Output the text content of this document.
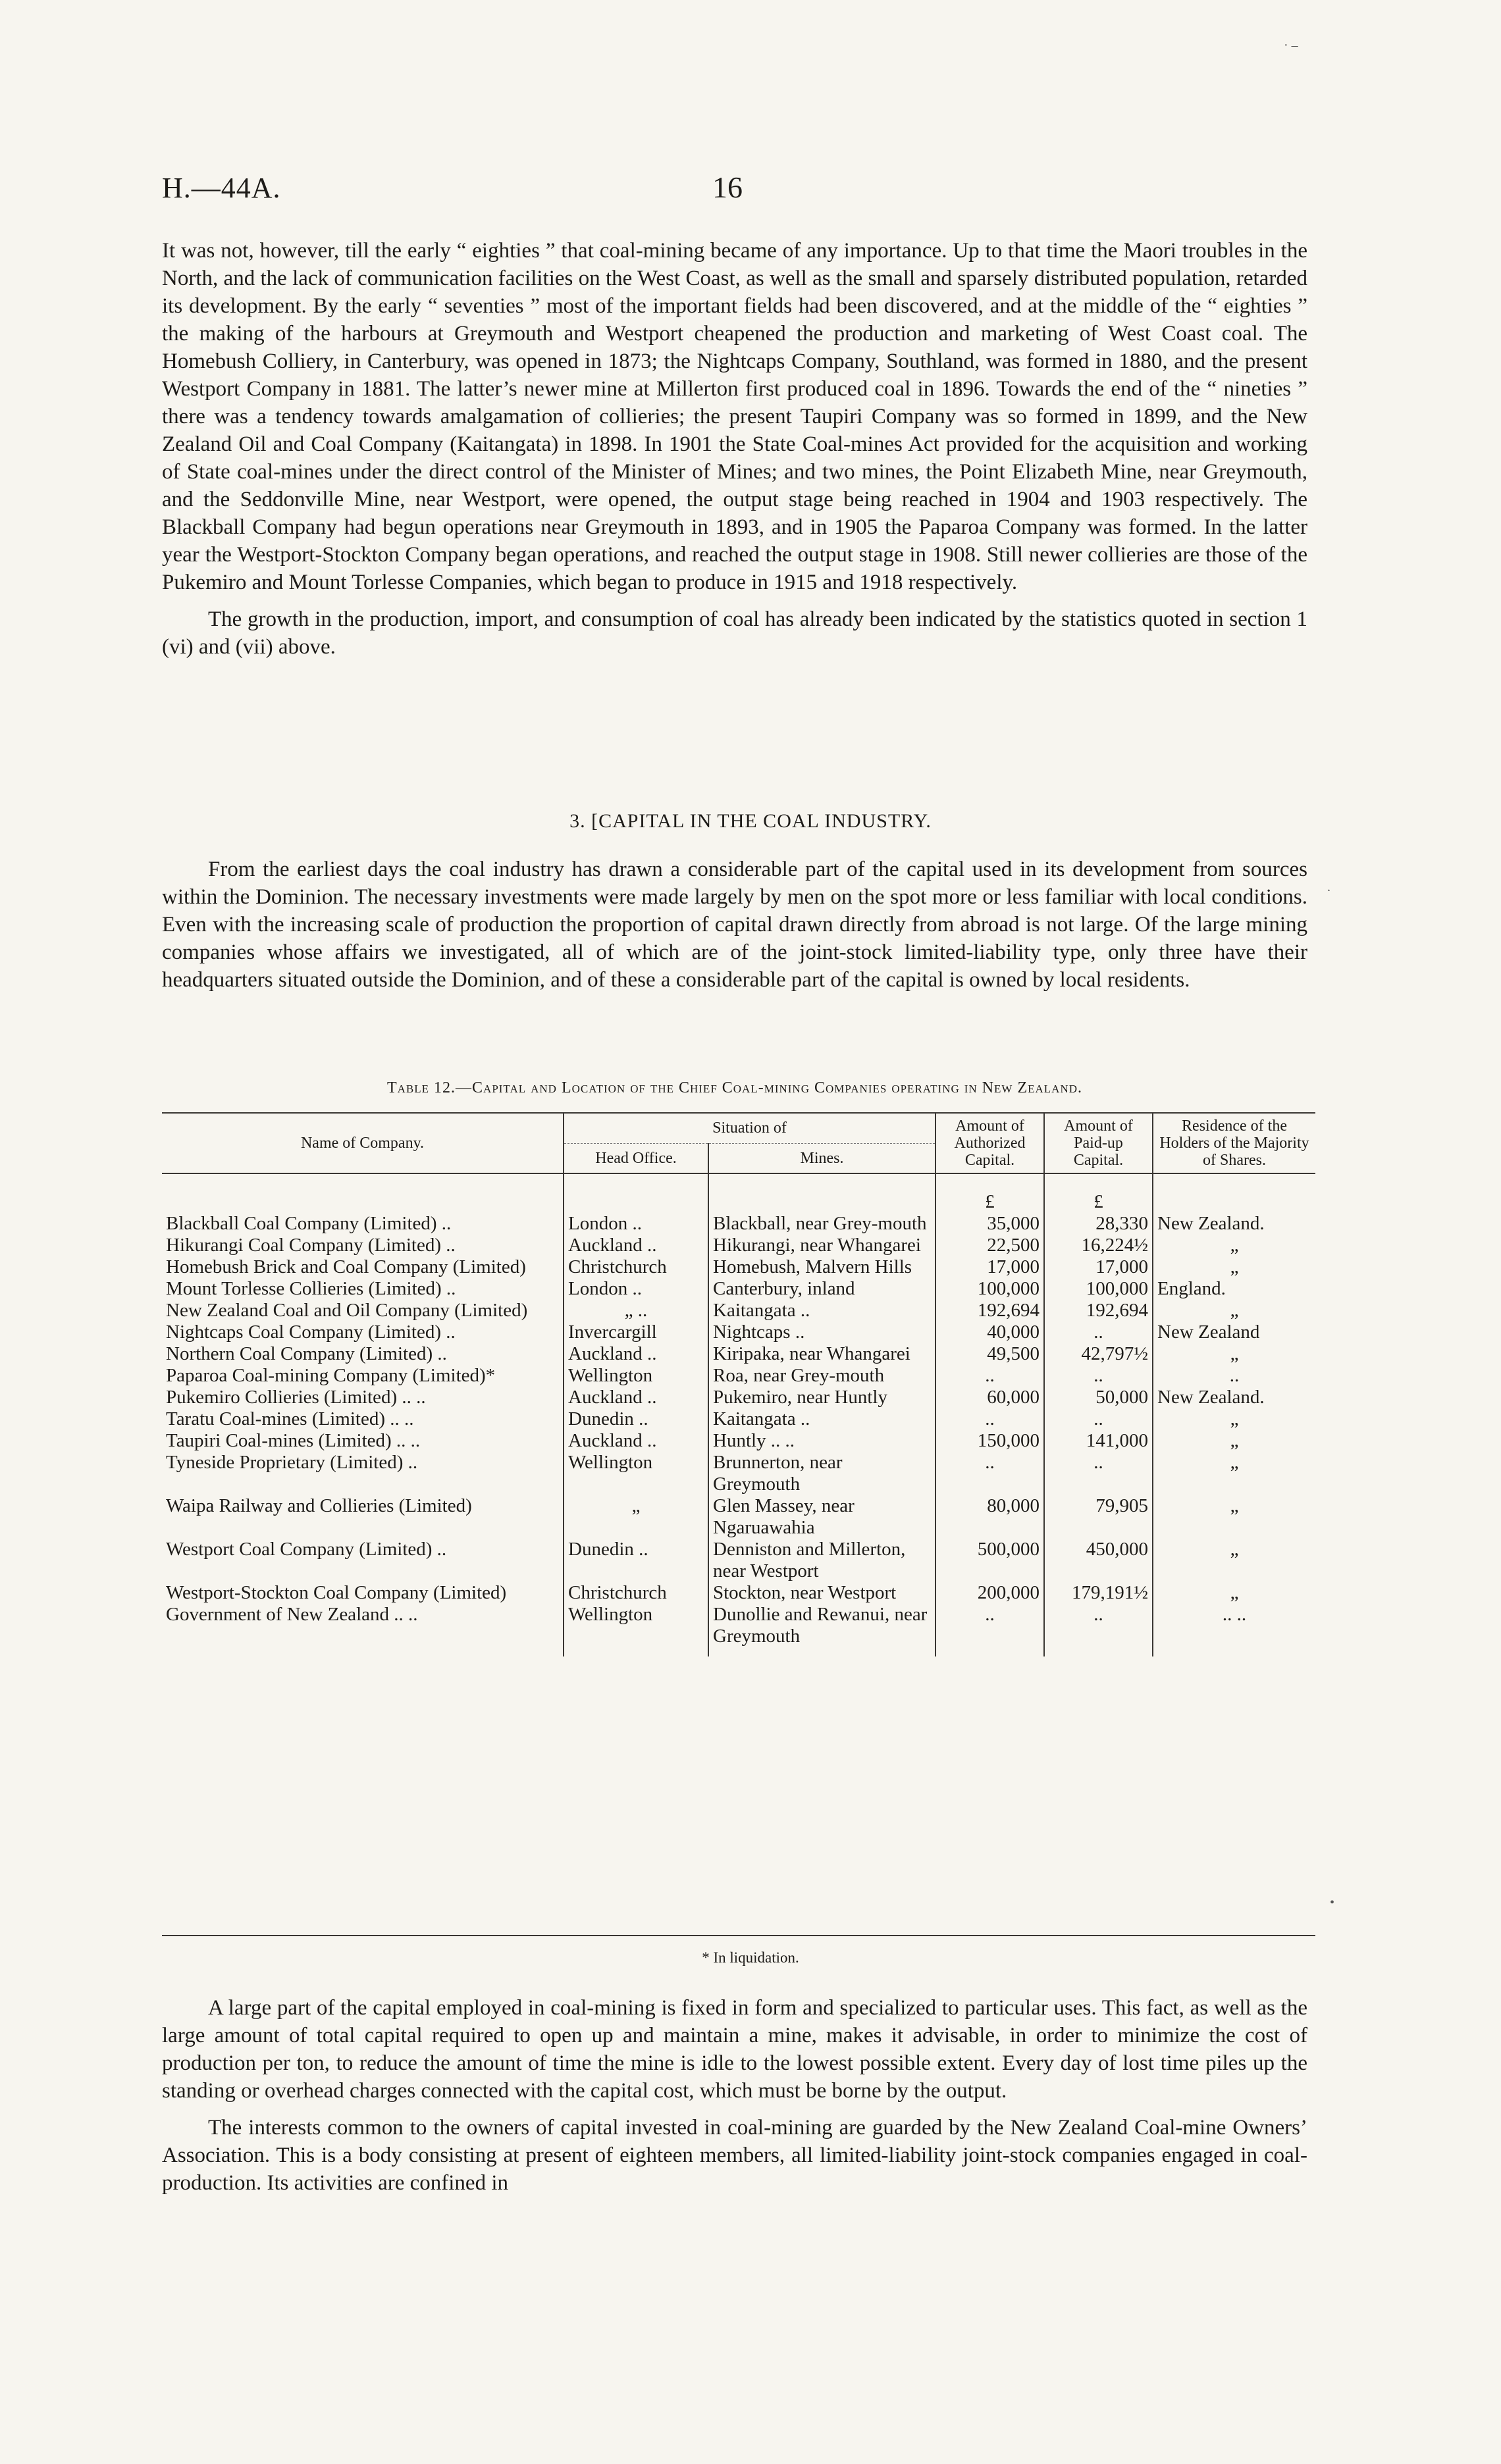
H.—44A.	16
· –

It was not, however, till the early “ eighties ” that coal-mining became of any importance. Up to that time the Maori troubles in the North, and the lack of communication facilities on the West Coast, as well as the small and sparsely distributed population, retarded its development. By the early “ seventies ” most of the important fields had been discovered, and at the middle of the “ eighties ” the making of the harbours at Greymouth and Westport cheapened the production and marketing of West Coast coal. The Homebush Colliery, in Canterbury, was opened in 1873; the Nightcaps Company, Southland, was formed in 1880, and the present Westport Company in 1881. The latter’s newer mine at Millerton first produced coal in 1896. Towards the end of the “ nineties ” there was a tendency towards amalgamation of collieries; the present Taupiri Company was so formed in 1899, and the New Zealand Oil and Coal Company (Kaitangata) in 1898. In 1901 the State Coal-mines Act provided for the acquisition and working of State coal-mines under the direct control of the Minister of Mines; and two mines, the Point Elizabeth Mine, near Greymouth, and the Seddonville Mine, near Westport, were opened, the output stage being reached in 1904 and 1903 respectively. The Blackball Company had begun operations near Greymouth in 1893, and in 1905 the Paparoa Company was formed. In the latter year the Westport-Stockton Company began operations, and reached the output stage in 1908. Still newer collieries are those of the Pukemiro and Mount Torlesse Companies, which began to produce in 1915 and 1918 respectively.

The growth in the production, import, and consumption of coal has already been indicated by the statistics quoted in section 1 (vi) and (vii) above.

3. [CAPITAL IN THE COAL INDUSTRY.

From the earliest days the coal industry has drawn a considerable part of the capital used in its development from sources within the Dominion. The necessary investments were made largely by men on the spot more or less familiar with local conditions. Even with the increasing scale of production the proportion of capital drawn directly from abroad is not large. Of the large mining companies whose affairs we investigated, all of which are of the joint-stock limited-liability type, only three have their headquarters situated outside the Dominion, and of these a considerable part of the capital is owned by local residents.

Table 12.—Capital and Location of the Chief Coal-mining Companies operating in New Zealand.
Name of Company.	Situation of		Amount of Authorized Capital.	Amount of Paid-up Capital.	Residence of the Holders of the Majority of Shares.
	Head Office.	Mines.			

			£	£	
Blackball Coal Company (Limited) ..	London ..	Blackball, near Grey-mouth	35,000	28,330	New Zealand.
Hikurangi Coal Company (Limited) ..	Auckland ..	Hikurangi, near Whangarei	22,500	16,224½	„
Homebush Brick and Coal Company (Limited)	Christchurch	Homebush, Malvern Hills	17,000	17,000	„
Mount Torlesse Collieries (Limited) ..	London ..	Canterbury, inland	100,000	100,000	England.
New Zealand Coal and Oil Company (Limited)	„ ..	Kaitangata ..	192,694	192,694	„
Nightcaps Coal Company (Limited) ..	Invercargill	Nightcaps ..	40,000	..	New Zealand
Northern Coal Company (Limited) ..	Auckland ..	Kiripaka, near Whangarei	49,500	42,797½	„
Paparoa Coal-mining Company (Limited)*	Wellington	Roa, near Grey-mouth	..	..	..
Pukemiro Collieries (Limited) .. ..	Auckland ..	Pukemiro, near Huntly	60,000	50,000	New Zealand.
Taratu Coal-mines (Limited) .. ..	Dunedin ..	Kaitangata ..	..	..	„
Taupiri Coal-mines (Limited) .. ..	Auckland ..	Huntly .. ..	150,000	141,000	„
Tyneside Proprietary (Limited) ..	Wellington	Brunnerton, near Greymouth	..	..	„
Waipa Railway and Collieries (Limited)	„	Glen Massey, near Ngaruawahia	80,000	79,905	„
Westport Coal Company (Limited) ..	Dunedin ..	Denniston and Millerton, near Westport	500,000	450,000	„
Westport-Stockton Coal Company (Limited)	Christchurch	Stockton, near Westport	200,000	179,191½	„
Government of New Zealand .. ..	Wellington	Dunollie and Rewanui, near Greymouth	..	..	.. ..

* In liquidation.

A large part of the capital employed in coal-mining is fixed in form and specialized to particular uses. This fact, as well as the large amount of total capital required to open up and maintain a mine, makes it advisable, in order to minimize the cost of production per ton, to reduce the amount of time the mine is idle to the lowest possible extent. Every day of lost time piles up the standing or overhead charges connected with the capital cost, which must be borne by the output.

The interests common to the owners of capital invested in coal-mining are guarded by the New Zealand Coal-mine Owners’ Association. This is a body consisting at present of eighteen members, all limited-liability joint-stock companies engaged in coal-production. Its activities are confined in

.
•
